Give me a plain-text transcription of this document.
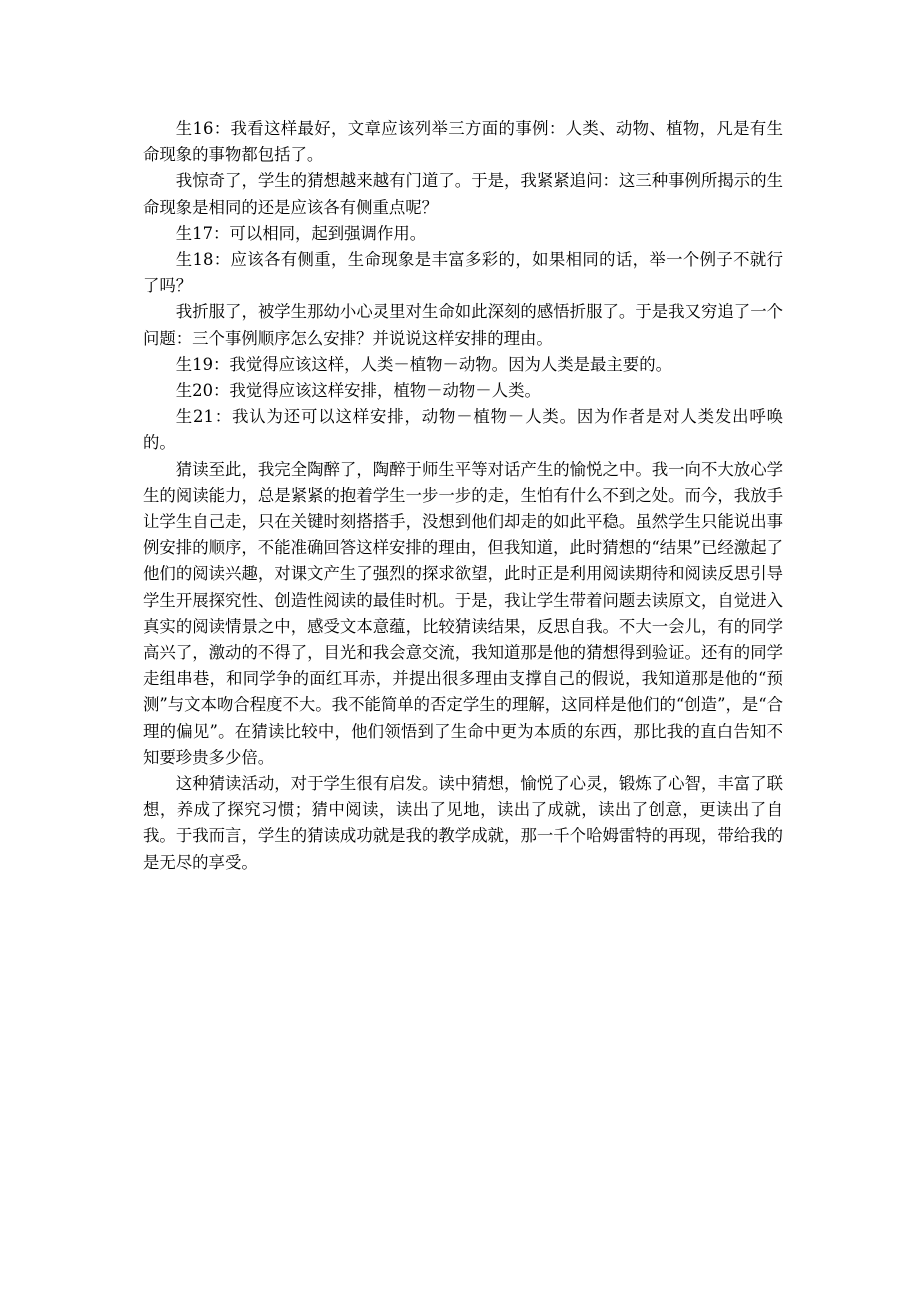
生16：我看这样最好，文章应该列举三方面的事例：人类、动物、植物，凡是有生命现象的事物都包括了。

我惊奇了，学生的猜想越来越有门道了。于是，我紧紧追问：这三种事例所揭示的生命现象是相同的还是应该各有侧重点呢？

生17：可以相同，起到强调作用。

生18：应该各有侧重，生命现象是丰富多彩的，如果相同的话，举一个例子不就行了吗？

我折服了，被学生那幼小心灵里对生命如此深刻的感悟折服了。于是我又穷追了一个问题：三个事例顺序怎么安排？并说说这样安排的理由。

生19：我觉得应该这样，人类－植物－动物。因为人类是最主要的。

生20：我觉得应该这样安排，植物－动物－人类。

生21：我认为还可以这样安排，动物－植物－人类。因为作者是对人类发出呼唤的。

猜读至此，我完全陶醉了，陶醉于师生平等对话产生的愉悦之中。我一向不大放心学生的阅读能力，总是紧紧的抱着学生一步一步的走，生怕有什么不到之处。而今，我放手让学生自己走，只在关键时刻搭搭手，没想到他们却走的如此平稳。虽然学生只能说出事例安排的顺序，不能准确回答这样安排的理由，但我知道，此时猜想的“结果”已经激起了他们的阅读兴趣，对课文产生了强烈的探求欲望，此时正是利用阅读期待和阅读反思引导学生开展探究性、创造性阅读的最佳时机。于是，我让学生带着问题去读原文，自觉进入真实的阅读情景之中，感受文本意蕴，比较猜读结果，反思自我。不大一会儿，有的同学高兴了，激动的不得了，目光和我会意交流，我知道那是他的猜想得到验证。还有的同学走组串巷，和同学争的面红耳赤，并提出很多理由支撑自己的假说，我知道那是他的“预测”与文本吻合程度不大。我不能简单的否定学生的理解，这同样是他们的“创造”，是“合理的偏见”。在猜读比较中，他们领悟到了生命中更为本质的东西，那比我的直白告知不知要珍贵多少倍。

这种猜读活动，对于学生很有启发。读中猜想，愉悦了心灵，锻炼了心智，丰富了联想，养成了探究习惯；猜中阅读，读出了见地，读出了成就，读出了创意，更读出了自我。于我而言，学生的猜读成功就是我的教学成就，那一千个哈姆雷特的再现，带给我的是无尽的享受。
